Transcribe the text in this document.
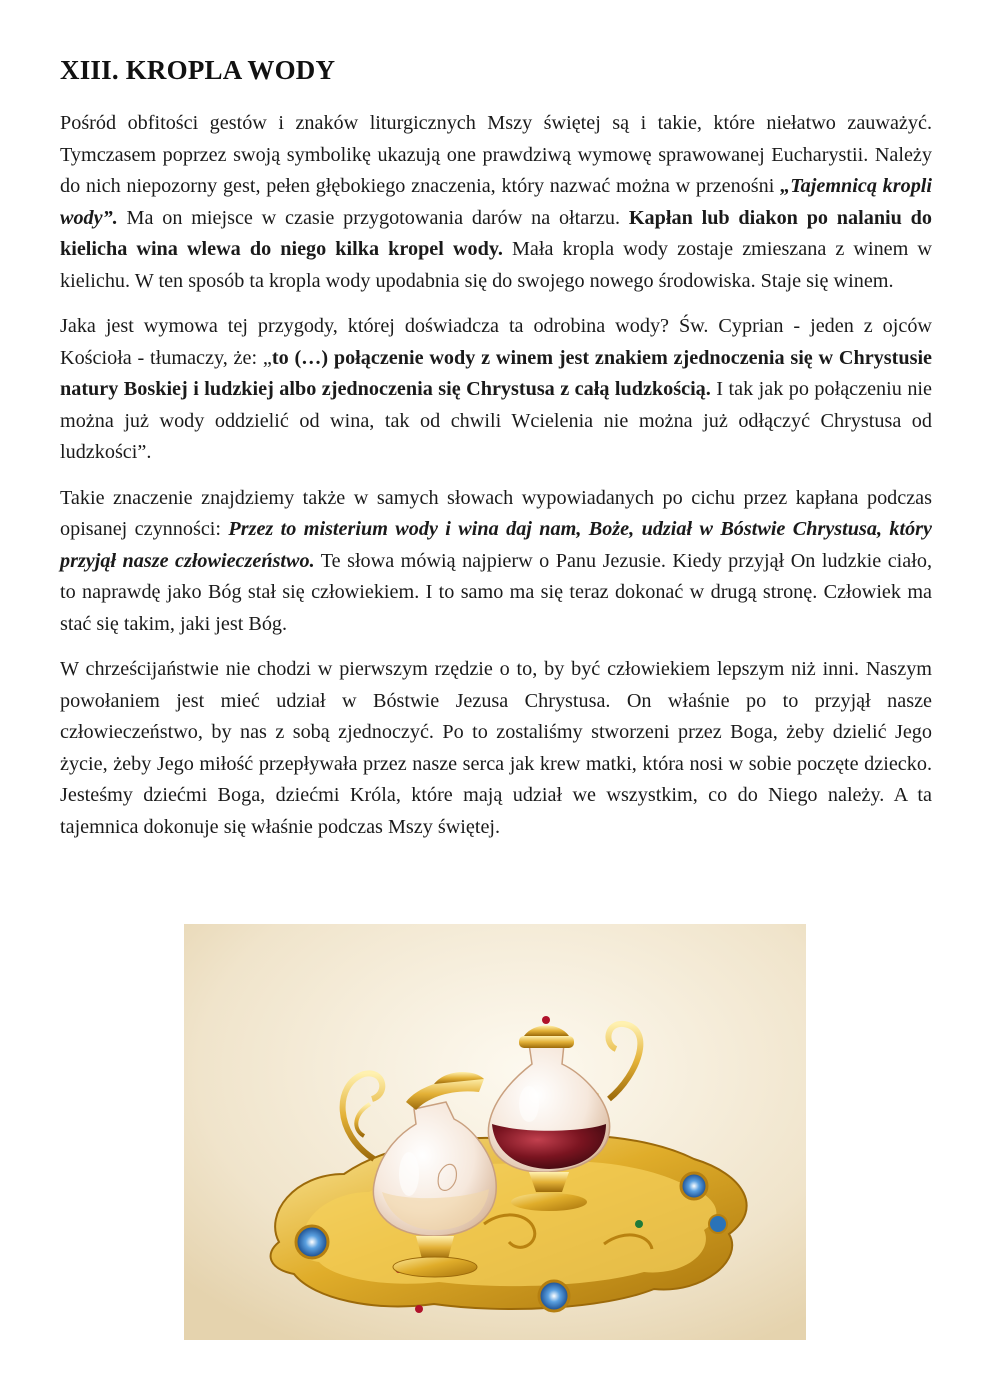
XIII. KROPLA WODY

Pośród obfitości gestów i znaków liturgicznych Mszy świętej są i takie, które niełatwo zauważyć. Tymczasem poprzez swoją symbolikę ukazują one prawdziwą wymowę sprawowanej Eucharystii. Należy do nich niepozorny gest, pełen głębokiego znaczenia, który nazwać można w przenośni „Tajemnicą kropli wody”. Ma on miejsce w czasie przygotowania darów na ołtarzu. Kapłan lub diakon po nalaniu do kielicha wina wlewa do niego kilka kropel wody. Mała kropla wody zostaje zmieszana z winem w kielichu. W ten sposób ta kropla wody upodabnia się do swojego nowego środowiska. Staje się winem.

Jaka jest wymowa tej przygody, której doświadcza ta odrobina wody? Św. Cyprian - jeden z ojców Kościoła - tłumaczy, że: „to (…) połączenie wody z winem jest znakiem zjednoczenia się w Chrystusie natury Boskiej i ludzkiej albo zjednoczenia się Chrystusa z całą ludzkością. I tak jak po połączeniu nie można już wody oddzielić od wina, tak od chwili Wcielenia nie można już odłączyć Chrystusa od ludzkości”.

Takie znaczenie znajdziemy także w samych słowach wypowiadanych po cichu przez kapłana podczas opisanej czynności: Przez to misterium wody i wina daj nam, Boże, udział w Bóstwie Chrystusa, który przyjął nasze człowieczeństwo. Te słowa mówią najpierw o Panu Jezusie. Kiedy przyjął On ludzkie ciało, to naprawdę jako Bóg stał się człowiekiem. I to samo ma się teraz dokonać w drugą stronę. Człowiek ma stać się takim, jaki jest Bóg.

W chrześcijaństwie nie chodzi w pierwszym rzędzie o to, by być człowiekiem lepszym niż inni. Naszym powołaniem jest mieć udział w Bóstwie Jezusa Chrystusa. On właśnie po to przyjął nasze człowieczeństwo, by nas z sobą zjednoczyć. Po to zostaliśmy stworzeni przez Boga, żeby dzielić Jego życie, żeby Jego miłość przepływała przez nasze serca jak krew matki, która nosi w sobie poczęte dziecko. Jesteśmy dziećmi Boga, dziećmi Króla, które mają udział we wszystkim, co do Niego należy. A ta tajemnica dokonuje się właśnie podczas Mszy świętej.
